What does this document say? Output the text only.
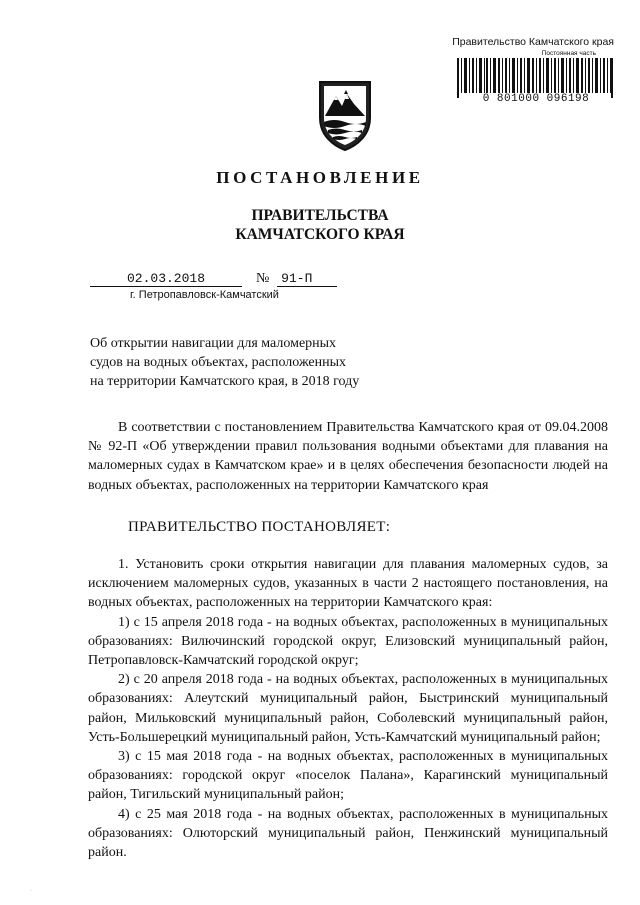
Правительство Камчатского края
Постоянная часть
0 801000 096198
ПОСТАНОВЛЕНИЕ
ПРАВИТЕЛЬСТВА
КАМЧАТСКОГО КРАЯ
02.03.2018	№ 91-П
г. Петропавловск-Камчатский
Об открытии навигации для маломерных судов на водных объектах, расположенных на территории Камчатского края, в 2018 году

В соответствии с постановлением Правительства Камчатского края от 09.04.2008 № 92-П «Об утверждении правил пользования водными объектами для плавания на маломерных судах в Камчатском крае» и в целях обеспечения безопасности людей на водных объектах, расположенных на территории Камчатского края

ПРАВИТЕЛЬСТВО ПОСТАНОВЛЯЕТ:

1. Установить сроки открытия навигации для плавания маломерных судов, за исключением маломерных судов, указанных в части 2 настоящего постановления, на водных объектах, расположенных на территории Камчатского края:

1) с 15 апреля 2018 года - на водных объектах, расположенных в муниципальных образованиях: Вилючинский городской округ, Елизовский муниципальный район, Петропавловск-Камчатский городской округ;

2) с 20 апреля 2018 года - на водных объектах, расположенных в муниципальных образованиях: Алеутский муниципальный район, Быстринский муниципальный район, Мильковский муниципальный район, Соболевский муниципальный район, Усть-Большерецкий муниципальный район, Усть-Камчатский муниципальный район;

3) с 15 мая 2018 года - на водных объектах, расположенных в муниципальных образованиях: городской округ «поселок Палана», Карагинский муниципальный район, Тигильский муниципальный район;

4) с 25 мая 2018 года - на водных объектах, расположенных в муниципальных образованиях: Олюторский муниципальный район, Пенжинский муниципальный район.

·
